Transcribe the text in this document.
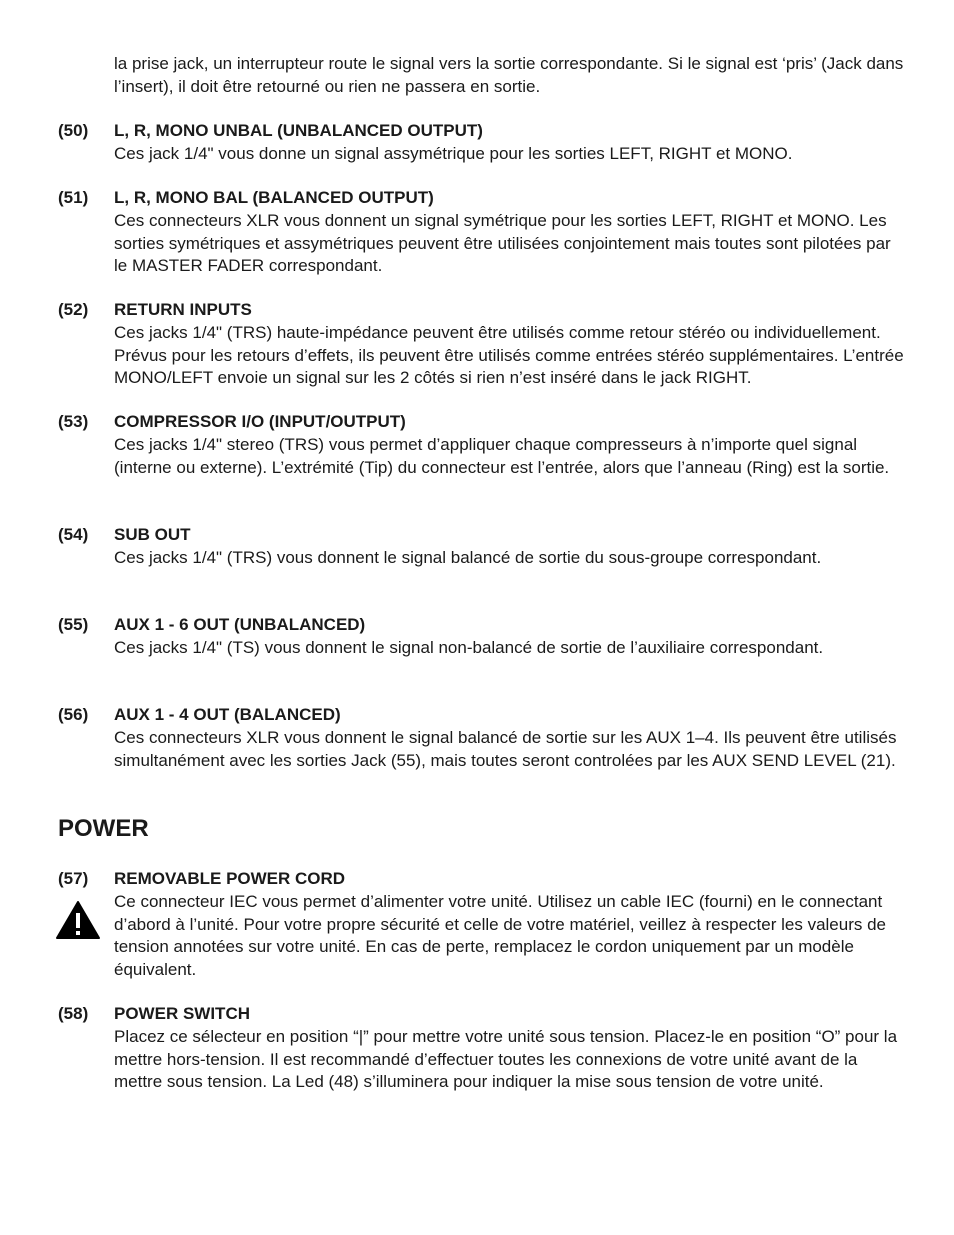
la prise jack, un interrupteur route le signal vers la sortie correspondante. Si le signal est ‘pris’ (Jack dans l’insert), il doit être retourné ou rien ne passera en sortie.

(50) L, R, MONO UNBAL (UNBALANCED OUTPUT)

Ces jack 1/4" vous donne un signal assymétrique pour les sorties LEFT, RIGHT et MONO.

(51) L, R, MONO BAL (BALANCED OUTPUT)

Ces connecteurs XLR vous donnent un signal symétrique pour les sorties LEFT, RIGHT et MONO. Les sorties symétriques et assymétriques peuvent être utilisées conjointement mais toutes sont pilotées par le MASTER FADER correspondant.

(52) RETURN INPUTS

Ces jacks 1/4" (TRS) haute-impédance peuvent être utilisés comme retour stéréo ou individuellement. Prévus pour les retours d’effets, ils peuvent être utilisés comme entrées stéréo supplémentaires. L’entrée MONO/LEFT envoie un signal sur les 2 côtés si rien n’est inséré dans le jack RIGHT.

(53) COMPRESSOR I/O (INPUT/OUTPUT)

Ces jacks 1/4" stereo (TRS) vous permet d’appliquer chaque compresseurs à n’importe quel signal (interne ou externe). L’extrémité (Tip) du connecteur est l’entrée, alors que l’anneau (Ring) est la sortie.

(54) SUB OUT

Ces jacks 1/4" (TRS) vous donnent le signal balancé de sortie du sous-groupe correspondant.

(55) AUX 1 - 6 OUT (UNBALANCED)

Ces jacks 1/4" (TS) vous donnent le signal non-balancé de sortie de l’auxiliaire correspondant.

(56) AUX 1 - 4 OUT (BALANCED)

Ces connecteurs XLR vous donnent le signal balancé de sortie sur les AUX 1–4. Ils peuvent être utilisés simultanément avec les sorties Jack (55), mais toutes seront controlées par les AUX SEND LEVEL (21).

POWER

(57) REMOVABLE POWER CORD

Ce connecteur IEC vous permet d’alimenter votre unité. Utilisez un cable IEC (fourni) en le connectant d’abord à l’unité. Pour votre propre sécurité et celle de votre matériel, veillez à respecter les valeurs de tension annotées sur votre unité. En cas de perte, remplacez le cordon uniquement par un modèle équivalent.

(58) POWER SWITCH

Placez ce sélecteur en position “|” pour mettre votre unité sous tension. Placez-le en position “O” pour la mettre hors-tension. Il est recommandé d’effectuer toutes les connexions de votre unité avant de la mettre sous tension. La Led (48) s’illuminera pour indiquer la mise sous tension de votre unité.
